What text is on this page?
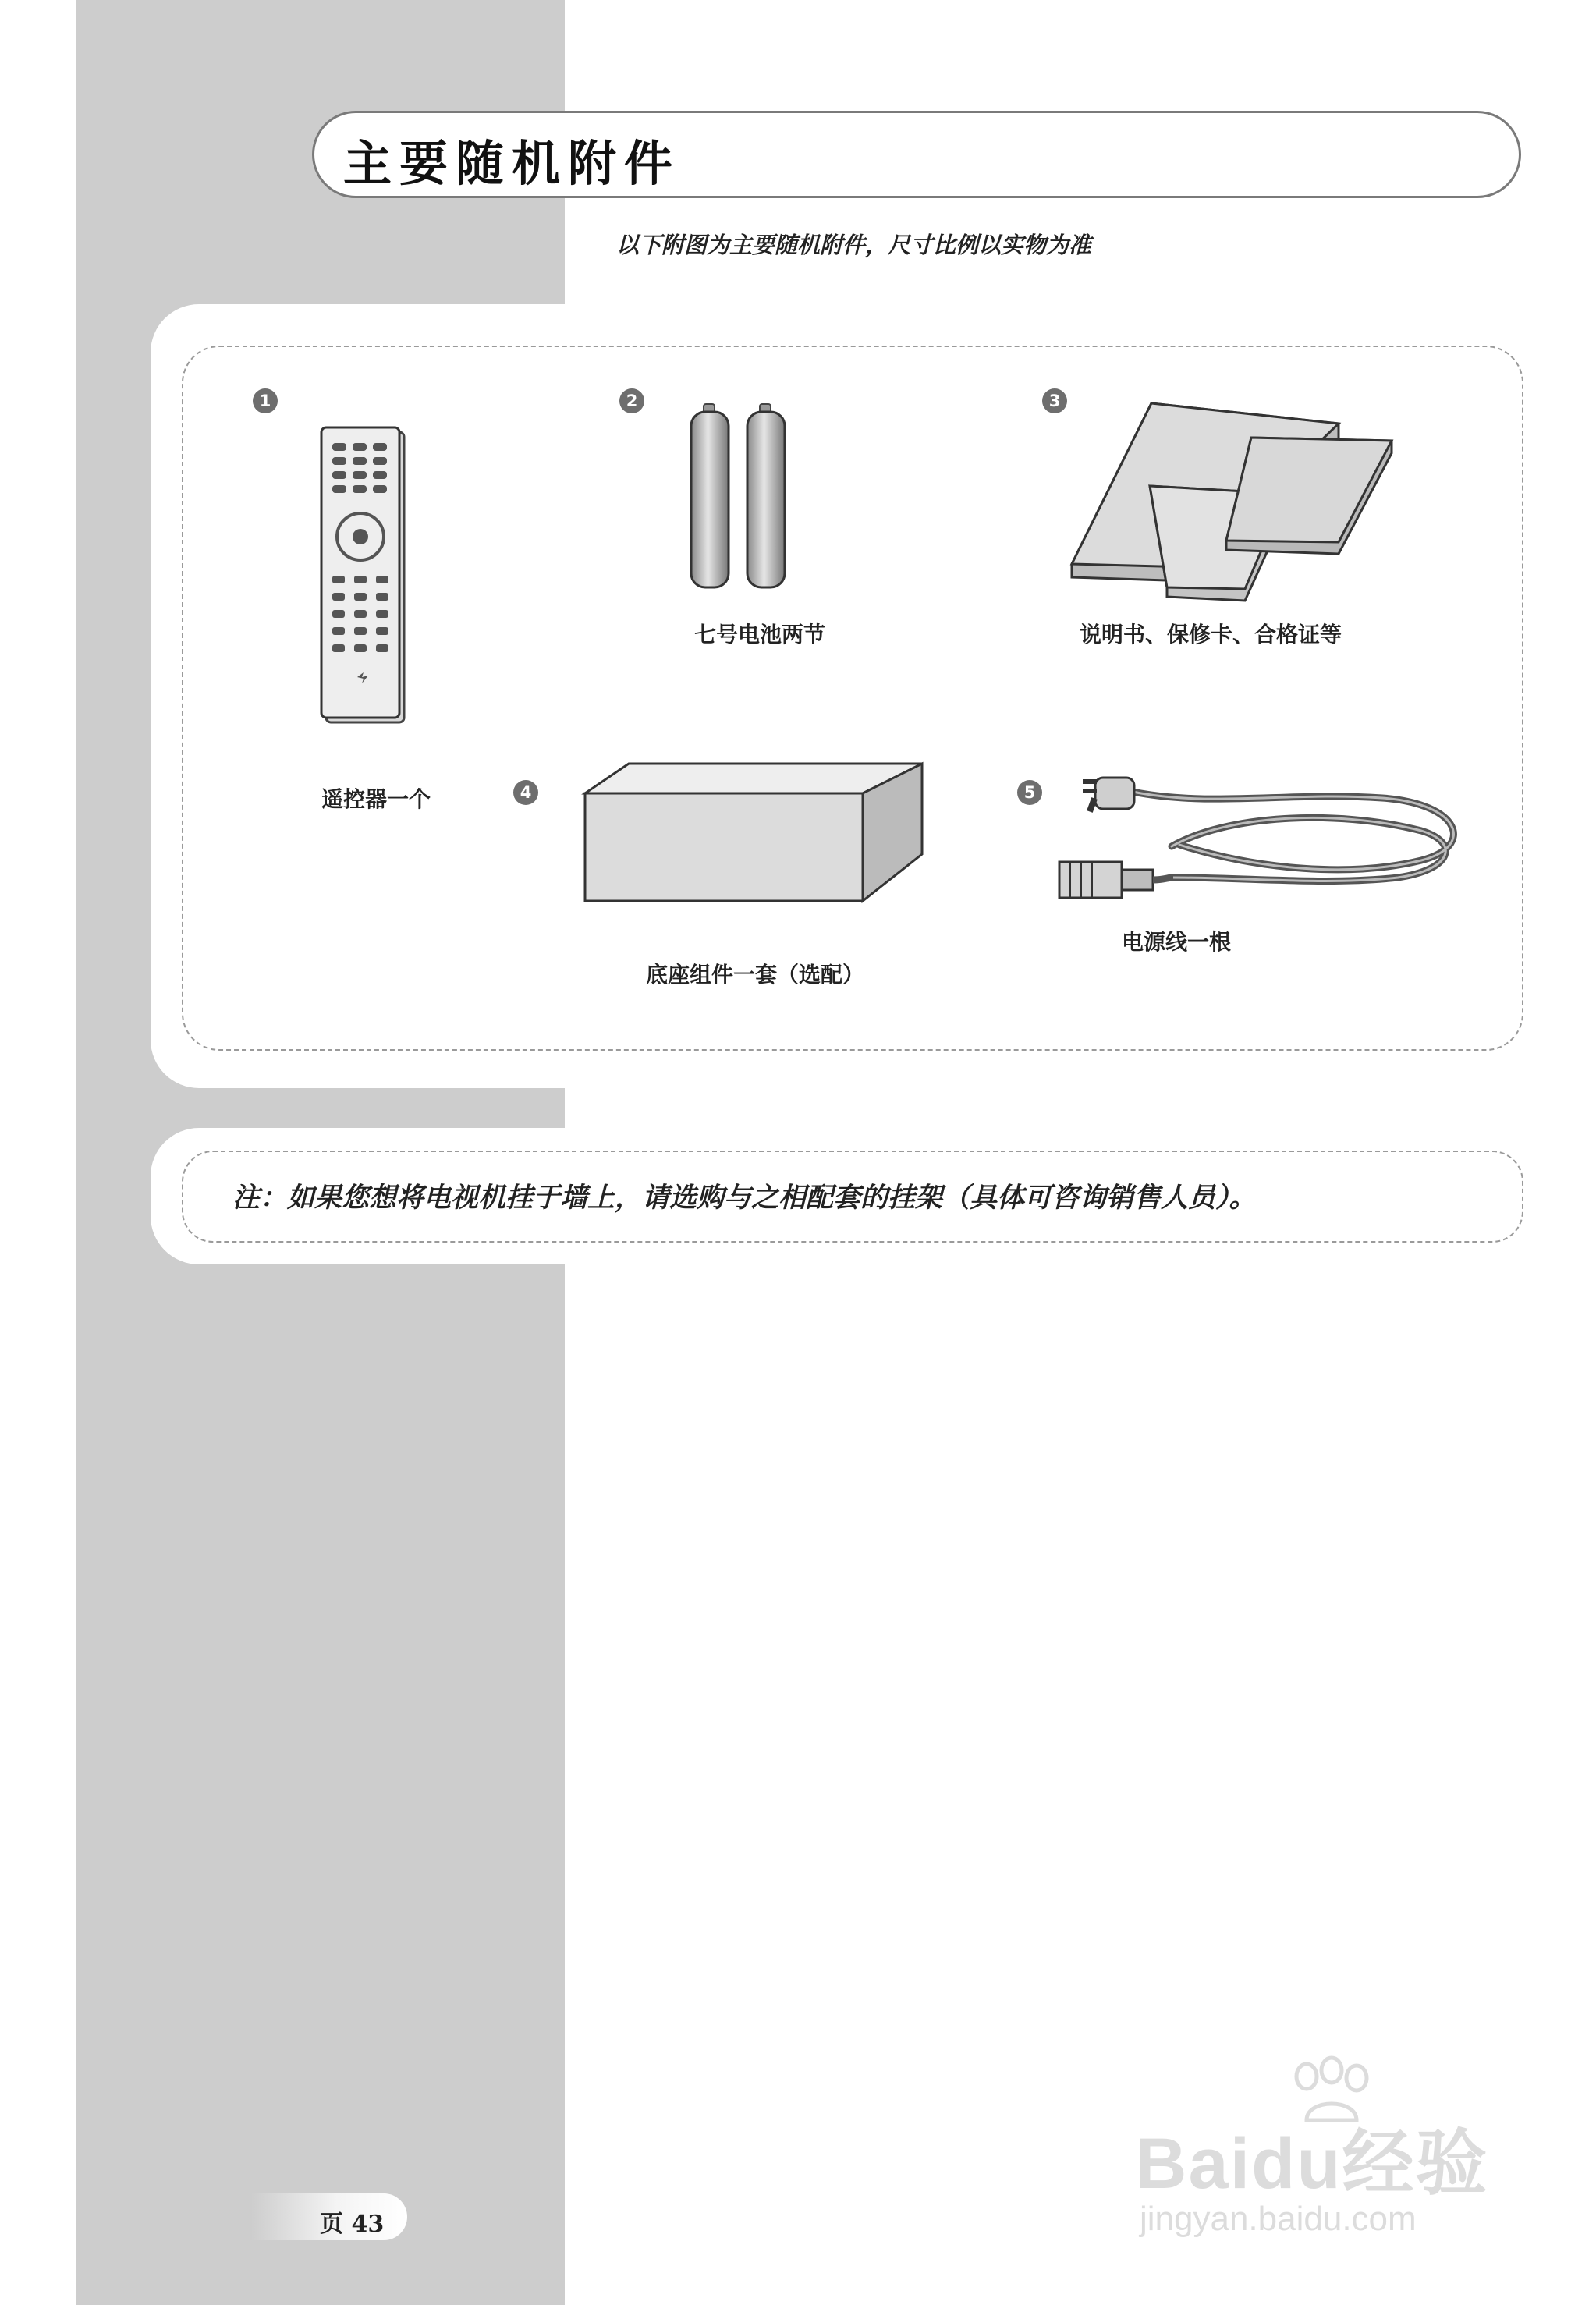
主要随机附件
以下附图为主要随机附件，尺寸比例以实物为准
1
遥控器一个
2
七号电池两节
3
说明书、保修卡、合格证等
4
底座组件一套（选配）
5
电源线一根
注：如果您想将电视机挂于墙上，请选购与之相配套的挂架（具体可咨询销售人员）。
页 43
Baidu经验
jingyan.baidu.com
